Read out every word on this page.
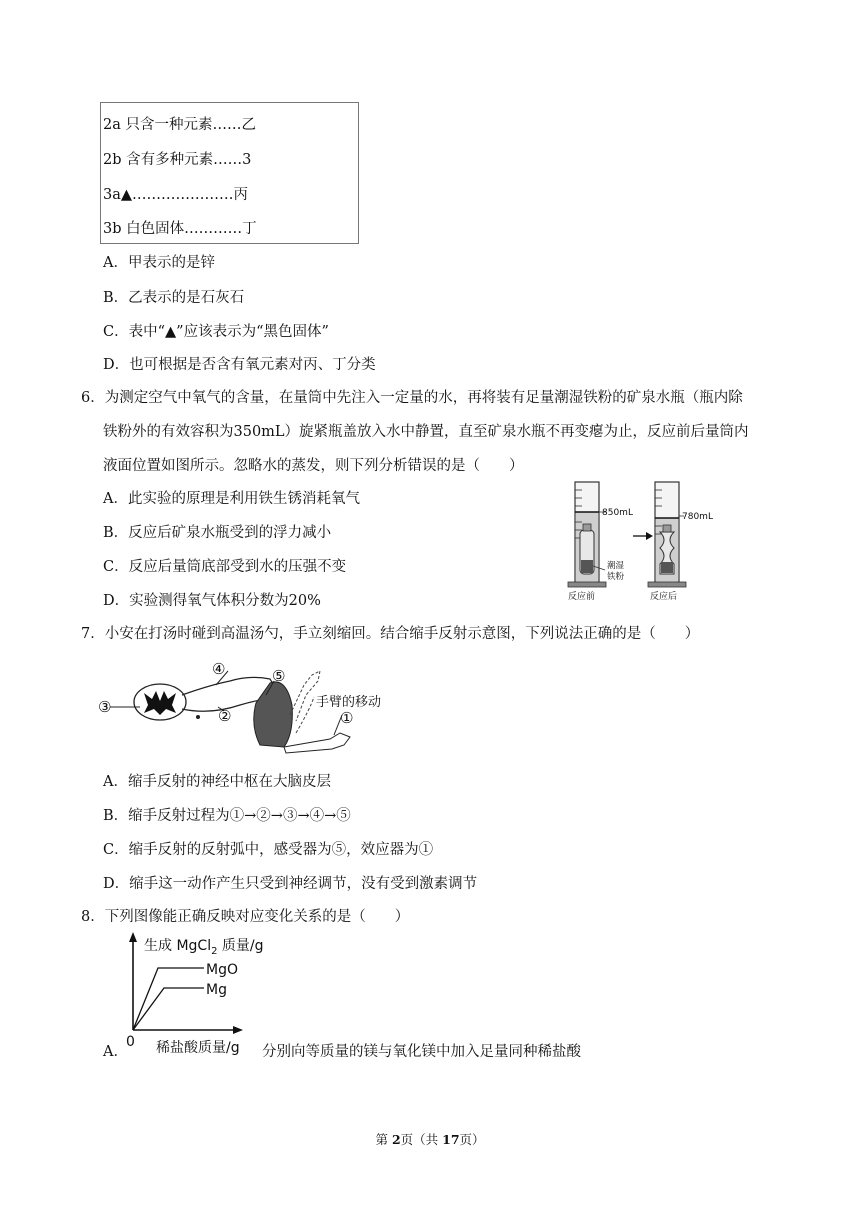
2a 只含一种元素……乙
2b 含有多种元素……3
3a▲…………………丙
3b 白色固体…………丁
A．甲表示的是锌
B．乙表示的是石灰石
C．表中“▲”应该表示为“黑色固体”
D．也可根据是否含有氧元素对丙、丁分类
6．为测定空气中氧气的含量，在量筒中先注入一定量的水，再将装有足量潮湿铁粉的矿泉水瓶（瓶内除
铁粉外的有效容积为350mL）旋紧瓶盖放入水中静置，直至矿泉水瓶不再变瘪为止，反应前后量筒内
液面位置如图所示。忽略水的蒸发，则下列分析错误的是（　　）
A．此实验的原理是利用铁生锈消耗氧气
B．反应后矿泉水瓶受到的浮力减小
C．反应后量筒底部受到水的压强不变
D．实验测得氧气体积分数为20%
850mL
潮湿
铁粉
反应前
780mL
反应后
7．小安在打汤时碰到高温汤勺，手立刻缩回。结合缩手反射示意图，下列说法正确的是（　　）
③
④
②
⑤
①
手臂的移动
A．缩手反射的神经中枢在大脑皮层
B．缩手反射过程为①→②→③→④→⑤
C．缩手反射的反射弧中，感受器为⑤，效应器为①
D．缩手这一动作产生只受到神经调节，没有受到激素调节
8．下列图像能正确反映对应变化关系的是（　　）
MgO
Mg
生成 MgCl$_2$ 质量/g
0 稀盐酸质量/g
A．	分别向等质量的镁与氧化镁中加入足量同种稀盐酸
第 2页（共 17页）
